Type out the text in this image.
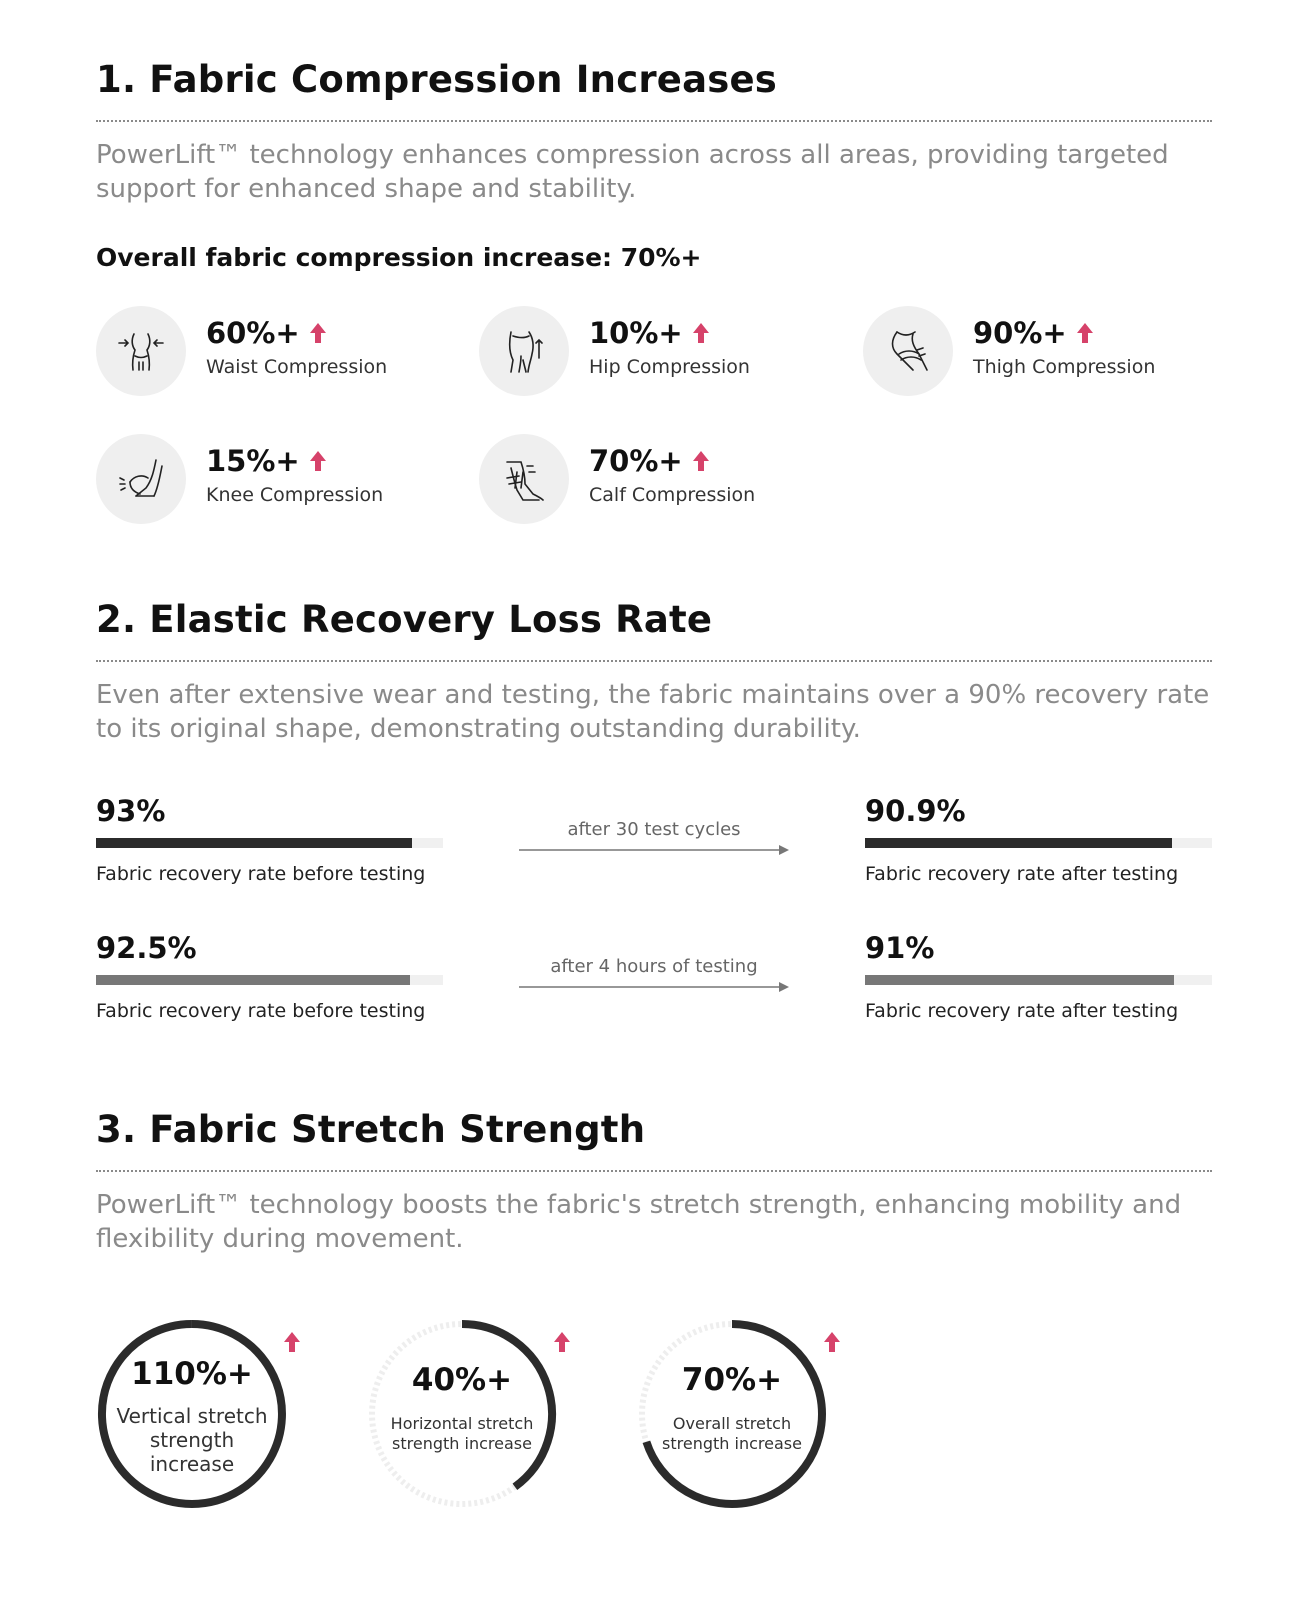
1. Fabric Compression Increases
PowerLift™ technology enhances compression across all areas, providing targeted support for enhanced shape and stability.
Overall fabric compression increase: 70%+
60%+
Waist Compression
10%+
Hip Compression
90%+
Thigh Compression
15%+
Knee Compression
70%+
Calf Compression
2. Elastic Recovery Loss Rate
Even after extensive wear and testing, the fabric maintains over a 90% recovery rate to its original shape, demonstrating outstanding durability.
93%
Fabric recovery rate before testing
after 30 test cycles
90.9%
Fabric recovery rate after testing
92.5%
Fabric recovery rate before testing
after 4 hours of testing
91%
Fabric recovery rate after testing
3. Fabric Stretch Strength
PowerLift™ technology boosts the fabric's stretch strength, enhancing mobility and flexibility during movement.
110%+
Vertical stretch strength increase
40%+
Horizontal stretch strength increase
70%+
Overall stretch strength increase
